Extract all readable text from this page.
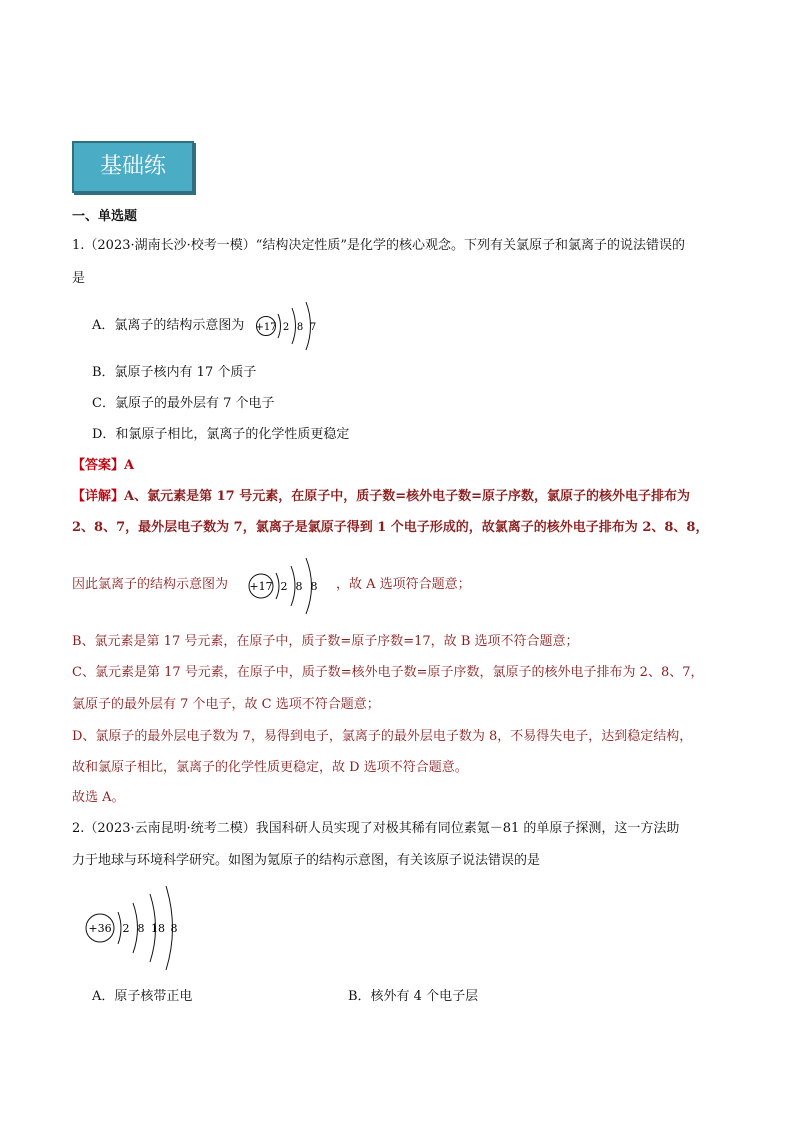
基础练
一、单选题
1.（2023·湖南长沙·校考一模）“结构决定性质”是化学的核心观念。下列有关氯原子和氯离子的说法错误的
是
A．氯离子的结构示意图为 +17 2 8 7
B．氯原子核内有 17 个质子
C．氯原子的最外层有 7 个电子
D．和氯原子相比，氯离子的化学性质更稳定
【答案】A
【详解】A、氯元素是第 17 号元素，在原子中，质子数=核外电子数=原子序数，氯原子的核外电子排布为
2、8、7，最外层电子数为 7，氯离子是氯原子得到 1 个电子形成的，故氯离子的核外电子排布为 2、8、8，
因此氯离子的结构示意图为 +17 2 8 8 ，故 A 选项符合题意；
B、氯元素是第 17 号元素，在原子中，质子数=原子序数=17，故 B 选项不符合题意；
C、氯元素是第 17 号元素，在原子中，质子数=核外电子数=原子序数，氯原子的核外电子排布为 2、8、7，
氯原子的最外层有 7 个电子，故 C 选项不符合题意；
D、氯原子的最外层电子数为 7，易得到电子，氯离子的最外层电子数为 8，不易得失电子，达到稳定结构，
故和氯原子相比，氯离子的化学性质更稳定，故 D 选项不符合题意。
故选 A。
2.（2023·云南昆明·统考二模）我国科研人员实现了对极其稀有同位素氪－81 的单原子探测，这一方法助
力于地球与环境科学研究。如图为氪原子的结构示意图，有关该原子说法错误的是
+36 2 8 18 8
A．原子核带正电	B．核外有 4 个电子层
